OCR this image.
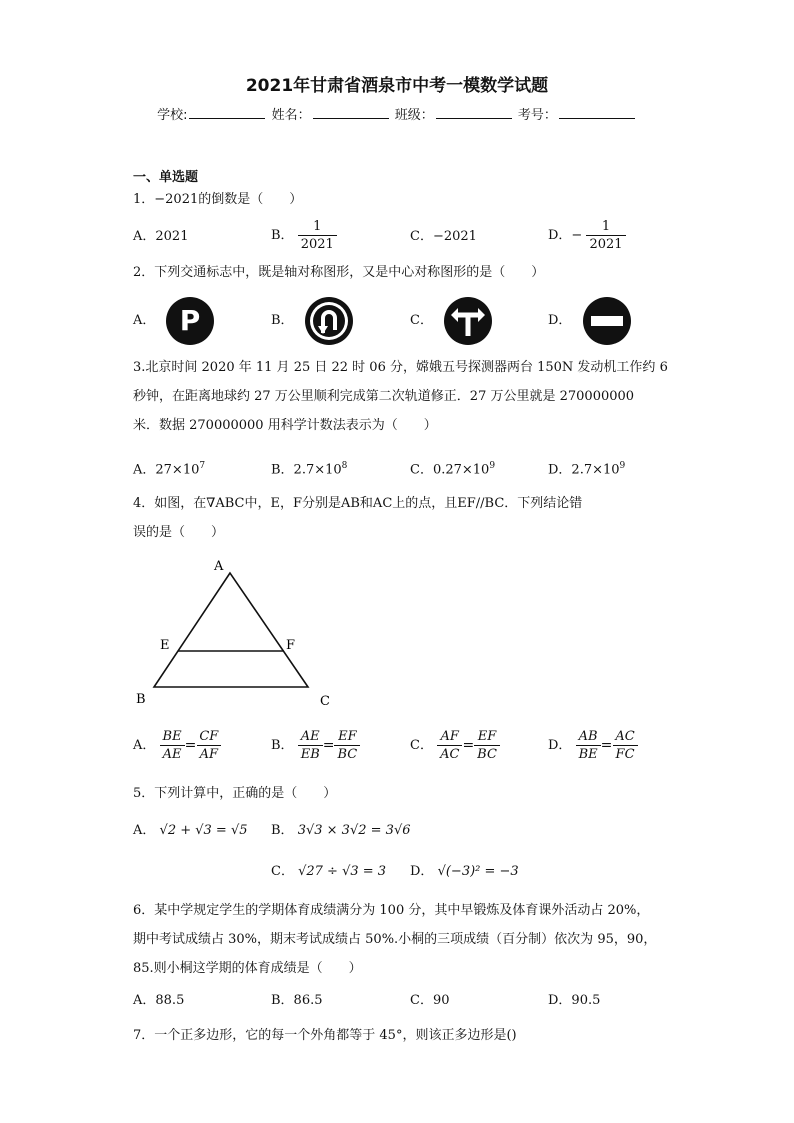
2021年甘肃省酒泉市中考一模数学试题
学校:	姓名：	班级：	考号：
一、单选题
1．−2021的倒数是（　　）
A．2021	B． $\frac{1}{2021}$	C．−2021	D．− $\frac{1}{2021}$
2．下列交通标志中，既是轴对称图形，又是中心对称图形的是（　　）
A． P	B．	C．	D．
3.北京时间 2020 年 11 月 25 日 22 时 06 分，嫦娥五号探测器两台 150N 发动机工作约 6
秒钟，在距离地球约 27 万公里顺利完成第二次轨道修正．27 万公里就是 270000000
米．数据 270000000 用科学计数法表示为（　　）
A．$27\times 10^7$	B．$2.7\times 10^8$	C．$0.27\times 10^9$	D．$2.7\times 10^9$
4．如图，在∇ABC中，E，F分别是AB和AC上的点，且EF//BC．下列结论错
误的是（　　）
A
E	F
B	C
A． $\frac{BE}{AE} = \frac{CF}{AF}$	B． $\frac{AE}{EB} = \frac{EF}{BC}$	C． $\frac{AF}{AC} = \frac{EF}{BC}$	D． $\frac{AB}{BE} = \frac{AC}{FC}$
5．下列计算中，正确的是（　　）
A． √2 + √3 = √5 B． 3√3 × 3√2 = 3√6
C． √27 ÷ √3 = 3 D． √(−3)² = −3
6．某中学规定学生的学期体育成绩满分为 100 分，其中早锻炼及体育课外活动占 20%，
期中考试成绩占 30%，期末考试成绩占 50%.小桐的三项成绩（百分制）依次为 95，90，
85.则小桐这学期的体育成绩是（　　）
A．88.5	B．86.5	C．90	D．90.5
7．一个正多边形，它的每一个外角都等于 45°，则该正多边形是()
